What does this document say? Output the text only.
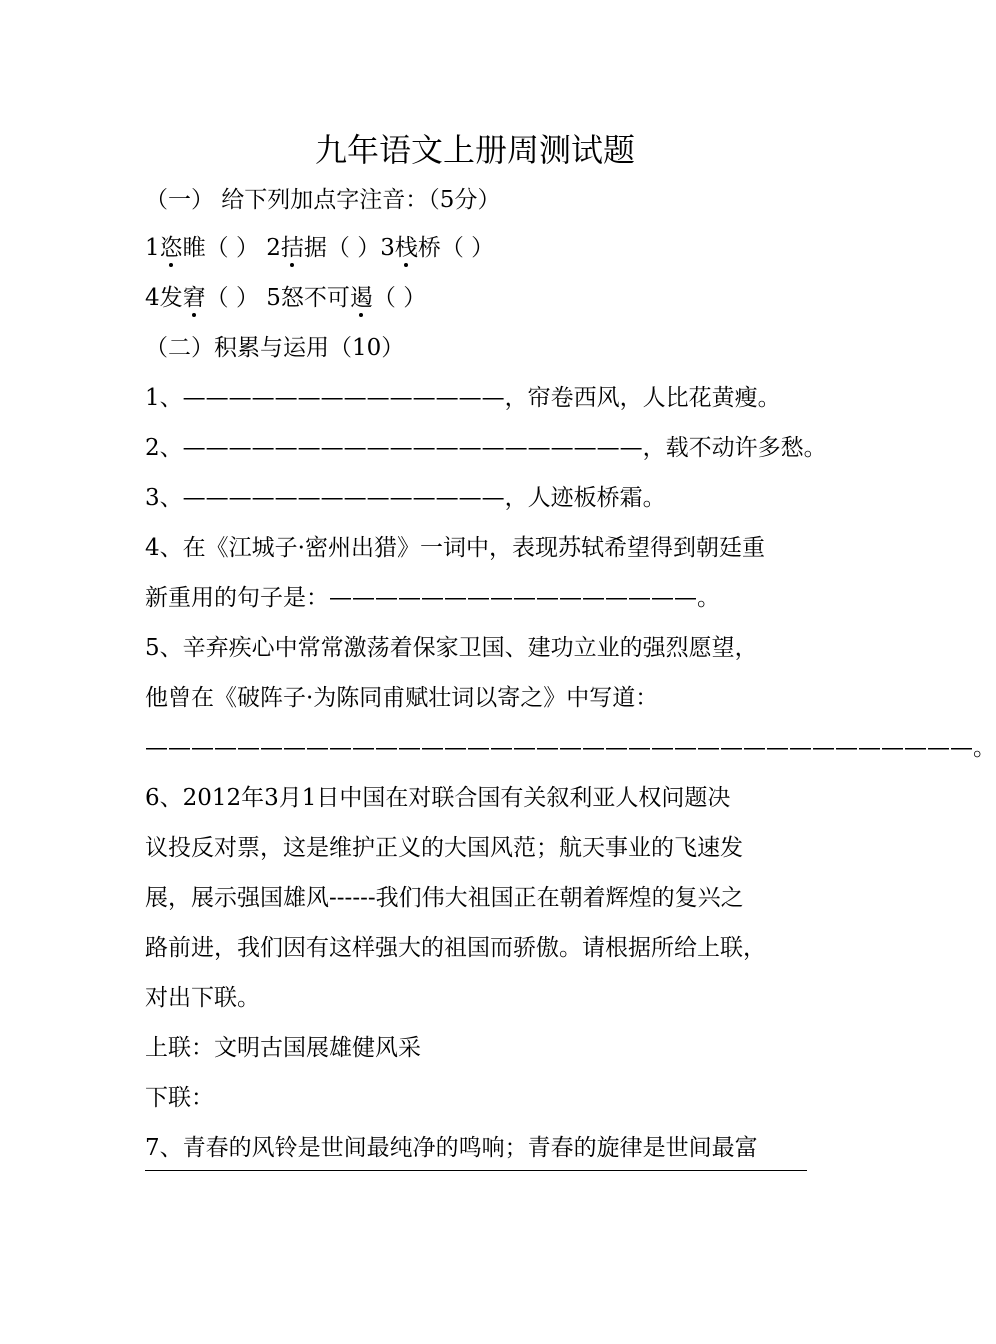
九年语文上册周测试题
（一） 给下列加点字注音：（5分）
1恣睢（ ） 2拮据（ ）3栈桥（ ）
4发窘（ ） 5怒不可遏（ ）
（二）积累与运用（10）
1、——————————————，帘卷西风，人比花黄瘦。
2、————————————————————，载不动许多愁。
3、——————————————，人迹板桥霜。
4、在《江城子·密州出猎》一词中，表现苏轼希望得到朝廷重
新重用的句子是：————————————————。
5、辛弃疾心中常常激荡着保家卫国、建功立业的强烈愿望，
他曾在《破阵子·为陈同甫赋壮词以寄之》中写道：
————————————————————————————————————。
6、2012年3月1日中国在对联合国有关叙利亚人权问题决
议投反对票，这是维护正义的大国风范；航天事业的飞速发
展，展示强国雄风------我们伟大祖国正在朝着辉煌的复兴之
路前进，我们因有这样强大的祖国而骄傲。请根据所给上联，
对出下联。
上联：文明古国展雄健风采
下联：
7、青春的风铃是世间最纯净的鸣响；青春的旋律是世间最富
